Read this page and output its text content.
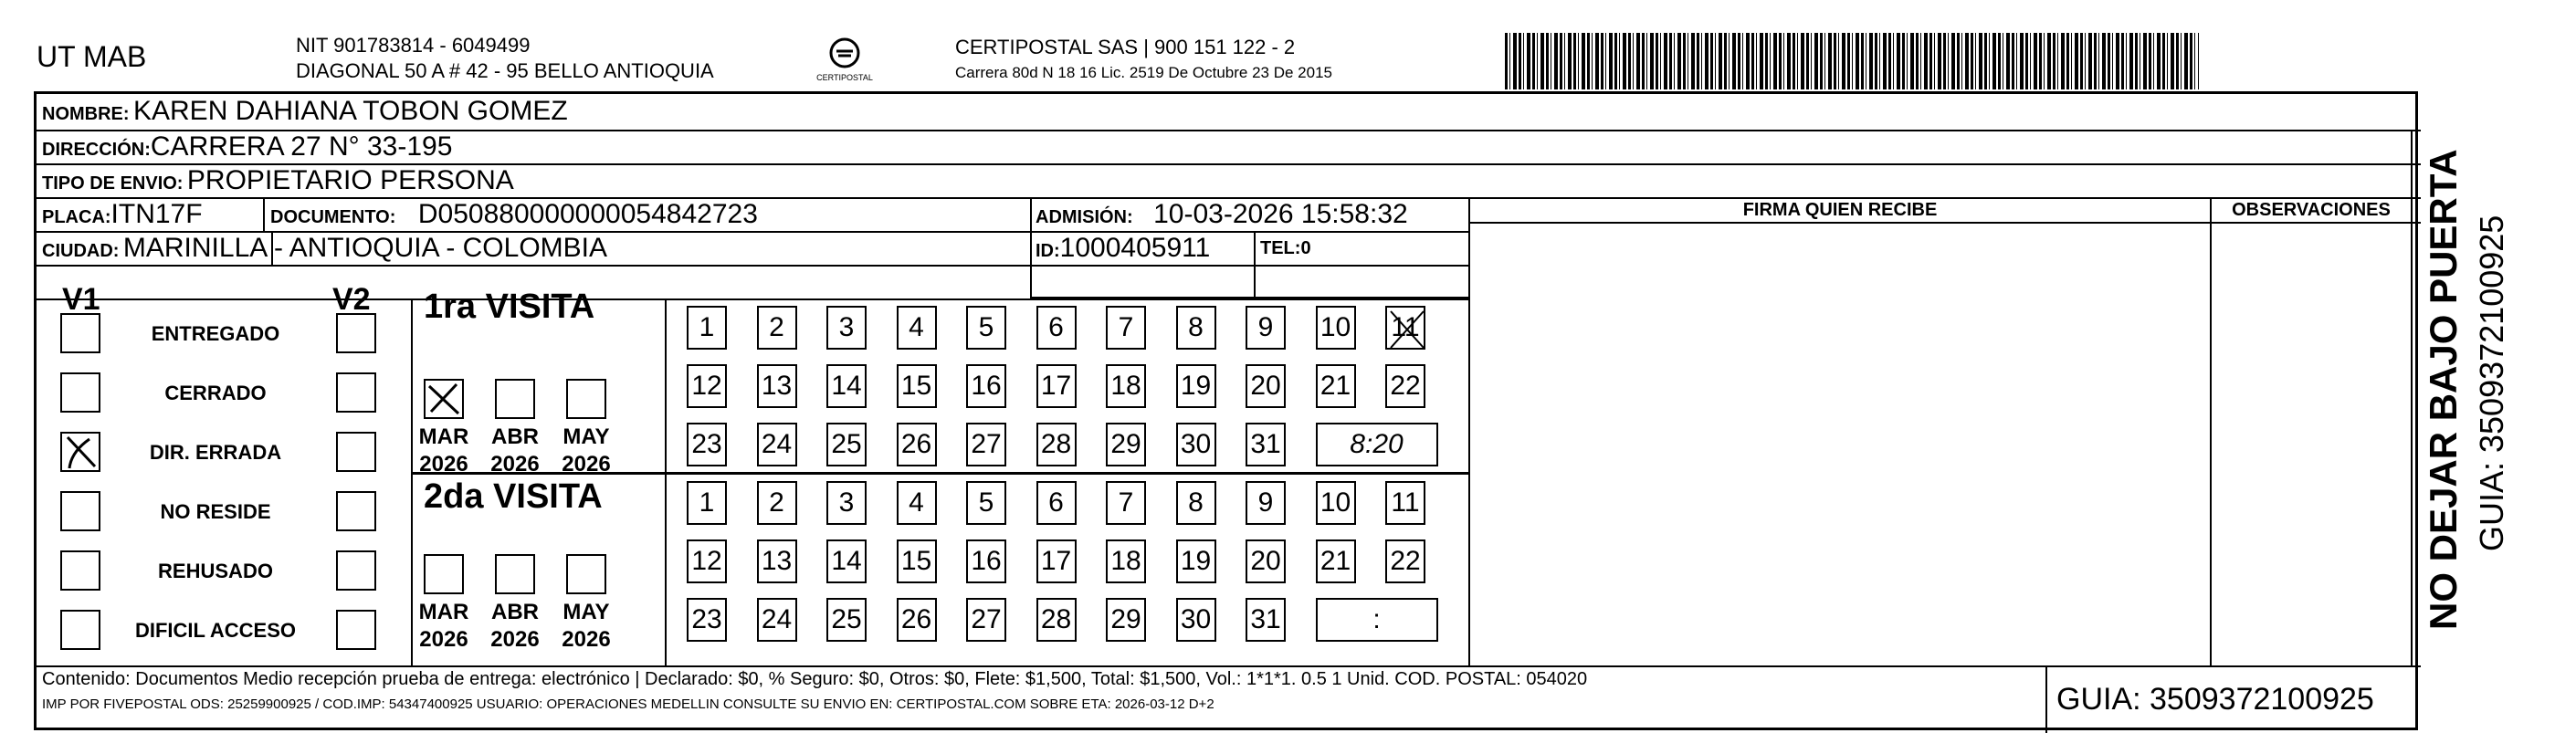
UT MAB	NIT 901783814 - 6049499
DIAGONAL 50 A # 42 - 95 BELLO ANTIOQUIA	CERTIPOSTAL
CERTIPOSTAL SAS | 900 151 122 - 2
Carrera 80d N 18 16 Lic. 2519 De Octubre 23 De 2015
NOMBRE: KAREN DAHIANA TOBON GOMEZ
DIRECCIÓN:CARRERA 27 N° 33-195
TIPO DE ENVIO: PROPIETARIO PERSONA
PLACA:ITN17F	DOCUMENTO: D050880000000054842723	ADMISIÓN: 10-03-2026 15:58:32
CIUDAD: MARINILLA - ANTIOQUIA - COLOMBIA	ID:1000405911	TEL:0
FIRMA QUIEN RECIBE	OBSERVACIONES
V1	V2
ENTREGADO
CERRADO
DIR. ERRADA
NO RESIDE
REHUSADO
DIFICIL ACCESO
1ra VISITA
2da VISITA
MAR
2026
ABR
2026
MAY
2026
1	2	3	4	5	6	7	8	9	10 11
12 13 14 15 16 17 18 19 20 21 22
23 24 25 26 27 28 29 30 31	8:20
MAR
2026
ABR
2026
MAY
2026
1	2	3	4	5	6	7	8	9	10 11
12 13 14 15 16 17 18 19 20 21 22
23 24 25 26 27 28 29 30 31	:
Contenido: Documentos Medio recepción prueba de entrega: electrónico | Declarado: $0, % Seguro: $0, Otros: $0, Flete: $1,500, Total: $1,500, Vol.: 1*1*1. 0.5 1 Unid. COD. POSTAL: 054020
IMP POR FIVEPOSTAL ODS: 25259900925 / COD.IMP: 54347400925 USUARIO: OPERACIONES MEDELLIN CONSULTE SU ENVIO EN: CERTIPOSTAL.COM SOBRE ETA: 2026-03-12 D+2	GUIA: 3509372100925
NO DEJAR BAJO PUERTA GUIA: 3509372100925
